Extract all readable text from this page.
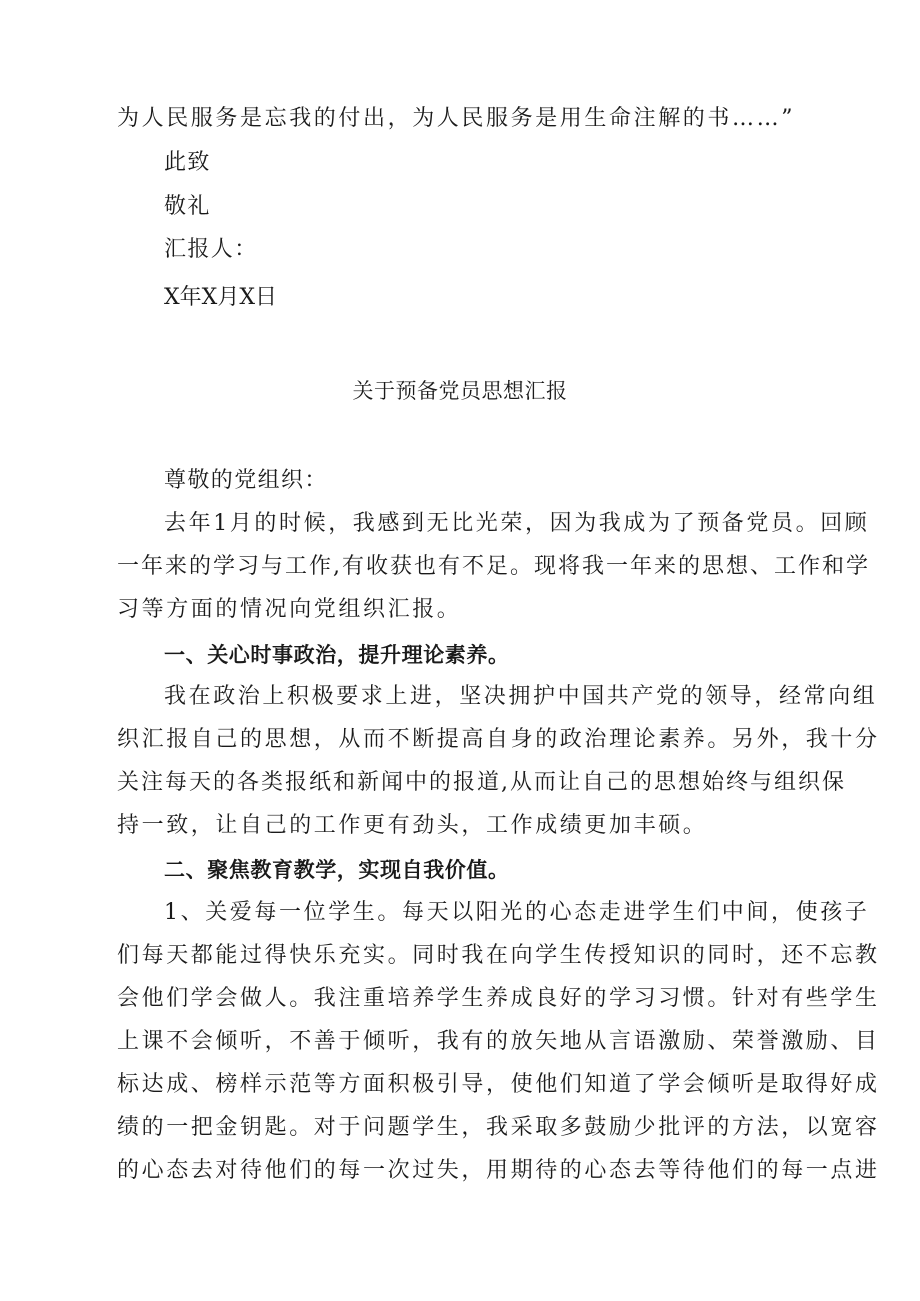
为人民服务是忘我的付出，为人民服务是用生命注解的书……”
此致
敬礼
汇报人：
X年X月X日
关于预备党员思想汇报
尊敬的党组织：
去年1月的时候，我感到无比光荣，因为我成为了预备党员。回顾
一年来的学习与工作,有收获也有不足。现将我一年来的思想、工作和学
习等方面的情况向党组织汇报。
一、关心时事政治，提升理论素养。
我在政治上积极要求上进，坚决拥护中国共产党的领导，经常向组
织汇报自己的思想，从而不断提高自身的政治理论素养。另外，我十分
关注每天的各类报纸和新闻中的报道,从而让自己的思想始终与组织保
持一致，让自己的工作更有劲头，工作成绩更加丰硕。
二、聚焦教育教学，实现自我价值。
1、关爱每一位学生。每天以阳光的心态走进学生们中间，使孩子
们每天都能过得快乐充实。同时我在向学生传授知识的同时，还不忘教
会他们学会做人。我注重培养学生养成良好的学习习惯。针对有些学生
上课不会倾听，不善于倾听，我有的放矢地从言语激励、荣誉激励、目
标达成、榜样示范等方面积极引导，使他们知道了学会倾听是取得好成
绩的一把金钥匙。对于问题学生，我采取多鼓励少批评的方法，以宽容
的心态去对待他们的每一次过失，用期待的心态去等待他们的每一点进
